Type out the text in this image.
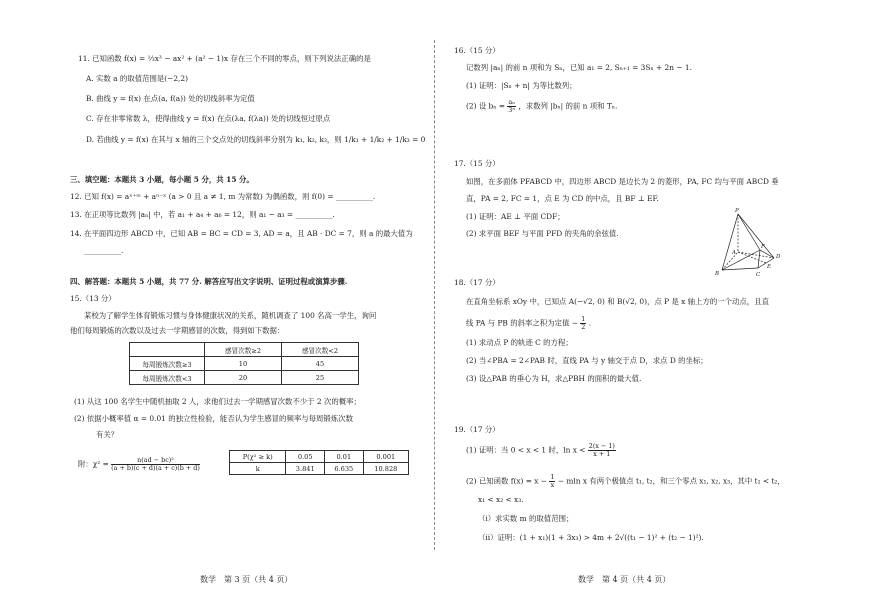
11. 已知函数 f(x) = ⅓x³ − ax² + (a² − 1)x 存在三个不同的零点，则下列说法正确的是
A. 实数 a 的取值范围是(−2,2)
B. 曲线 y = f(x) 在点(a, f(a)) 处的切线斜率为定值
C. 存在非零常数 λ，使得曲线 y = f(x) 在点(λa, f(λa)) 处的切线恒过原点
D. 若曲线 y = f(x) 在其与 x 轴的三个交点处的切线斜率分别为 k₁, k₂, k₃，则 1/k₁ + 1/k₂ + 1/k₃ = 0
三、填空题：本题共 3 小题，每小题 5 分，共 15 分。
12. 已知 f(x) = aˣ⁺ᵐ + aⁿ⁻ˣ (a > 0 且 a ≠ 1, m 为常数) 为偶函数，则 f(0) = __________.
13. 在正项等比数列 |aₙ| 中，若 a₁ + a₄ + a₆ = 12，则 a₁ − a₃ = __________.
14. 在平面四边形 ABCD 中，已知 AB = BC = CD = 3, AD = a，且 AB · DC = 7，则 a 的最大值为
__________.
四、解答题：本题共 5 小题，共 77 分. 解答应写出文字说明、证明过程或演算步骤.
15.（13 分）
某校为了解学生体育锻炼习惯与身体健康状况的关系，随机调查了 100 名高一学生，询问
他们每周锻炼的次数以及过去一学期感冒的次数，得到如下数据：
	感冒次数≥2	感冒次数<2
每周锻炼次数≥3	10	45
每周锻炼次数<3	20	25
(1) 从这 100 名学生中随机抽取 2 人，求他们过去一学期感冒次数不少于 2 次的概率；
(2) 依据小概率值 α = 0.01 的独立性检验，能否认为学生感冒的频率与每周锻炼次数
有关？
附：$\chi^2 = \frac{\text{n(ad − bc)²}}{(a + b)(c + d)(a + c)(b + d)}$
P(χ² ≥ k)	0.05	0.01	0.001
k	3.841	6.635	10.828
数学　第 3 页（共 4 页）
16.（15 分）
记数列 |aₙ| 的前 n 项和为 Sₙ，已知 a₁ = 2, Sₙ₊₁ = 3Sₙ + 2n − 1.
(1) 证明：|Sₙ + n| 为等比数列；
(2) 设 $b_n = \frac{\text{aₙ}}{\text{3ⁿ}}$ ，求数列 |bₙ| 的前 n 项和 Tₙ.
17.（15 分）
如图，在多面体 PFABCD 中，四边形 ABCD 是边长为 2 的菱形，PA, FC 均与平面 ABCD 垂
直，PA = 2, FC = 1，点 E 为 CD 的中点，且 BF ⊥ EF.
(1) 证明：AE ⊥ 平面 CDF；
(2) 求平面 BEF 与平面 PFD 的夹角的余弦值.
P
F
A
B	C
D
E
18.（17 分）
在直角坐标系 xOy 中，已知点 A(−√2, 0) 和 B(√2, 0)，点 P 是 x 轴上方的一个动点，且直
线 PA 与 PB 的斜率之积为定值 − $\frac{1}{2}$ .
(1) 求动点 P 的轨迹 C 的方程；
(2) 当∠PBA = 2∠PAB 时，直线 PA 与 y 轴交于点 D，求点 D 的坐标；
(3) 设△PAB 的垂心为 H，求△PBH 的面积的最大值.
19.（17 分）
(1) 证明：当 0 < x < 1 时，$\ln x < \frac{2(x - 1)}{x + 1}$
(2) 已知函数 $f(x) = x - \frac{1}{x} - mln$ x 有两个极值点 t₁, t₂，和三个零点 x₁, x₂, x₃，其中 t₁ < t₂，
x₁ < x₂ < x₃.
（ⅰ）求实数 m 的取值范围；
（ⅱ）证明：(1 + x₁)(1 + 3x₃) > 4m + 2√((t₁ − 1)² + (t₂ − 1)²).
数学　第 4 页（共 4 页）
